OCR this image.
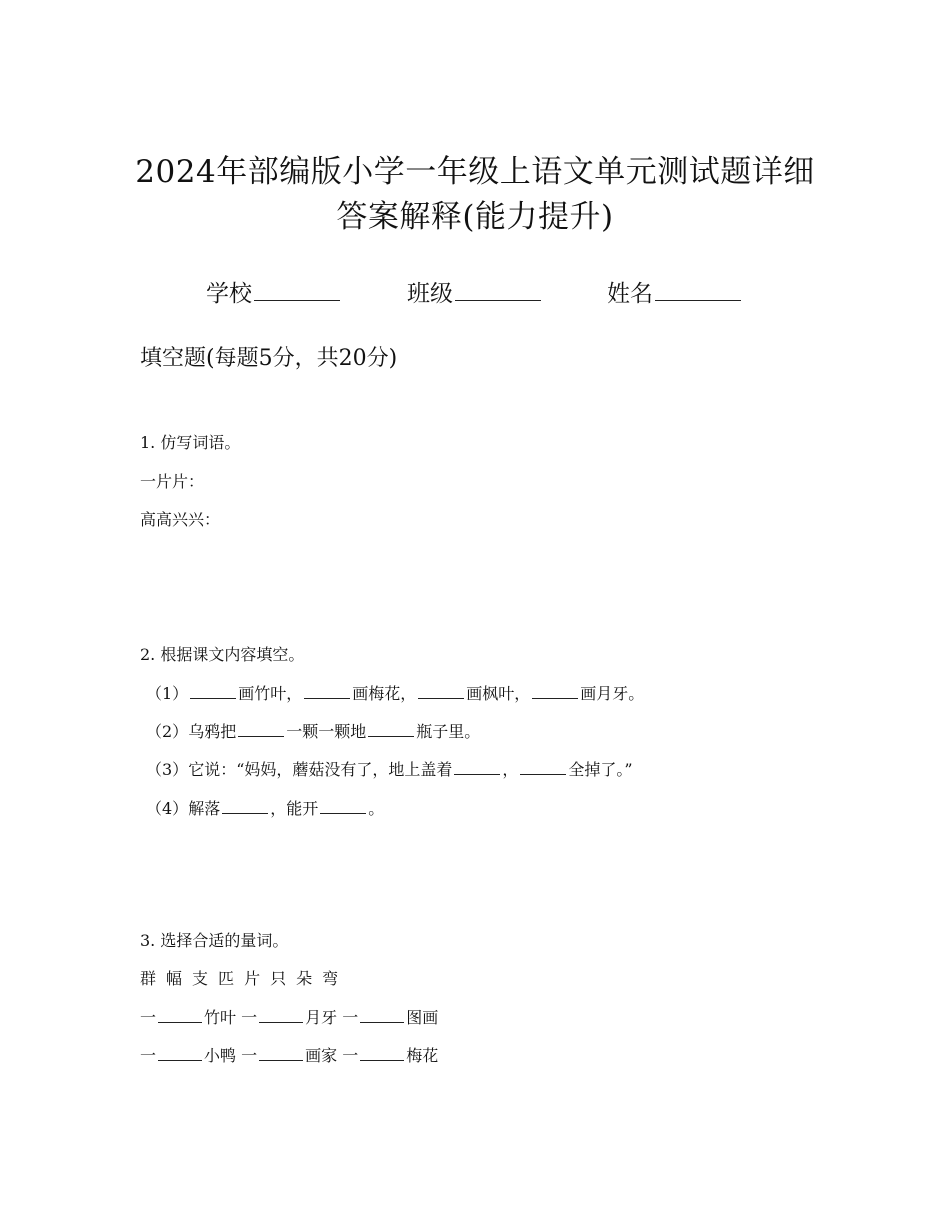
2024年部编版小学一年级上语文单元测试题详细
答案解释(能力提升)
学校	班级	姓名
填空题(每题5分，共20分)
1. 仿写词语。
一片片：
高高兴兴：
2. 根据课文内容填空。
（1）	画竹叶，	画梅花，	画枫叶，	画月牙。
（2）乌鸦把	一颗一颗地	瓶子里。
（3）它说：“妈妈，蘑菇没有了，地上盖着	，	全掉了。”
（4）解落	，能开	。
3. 选择合适的量词。
群 幅 支 匹 片 只 朵 弯
一	竹叶 一	月牙 一	图画
一	小鸭 一	画家 一	梅花
